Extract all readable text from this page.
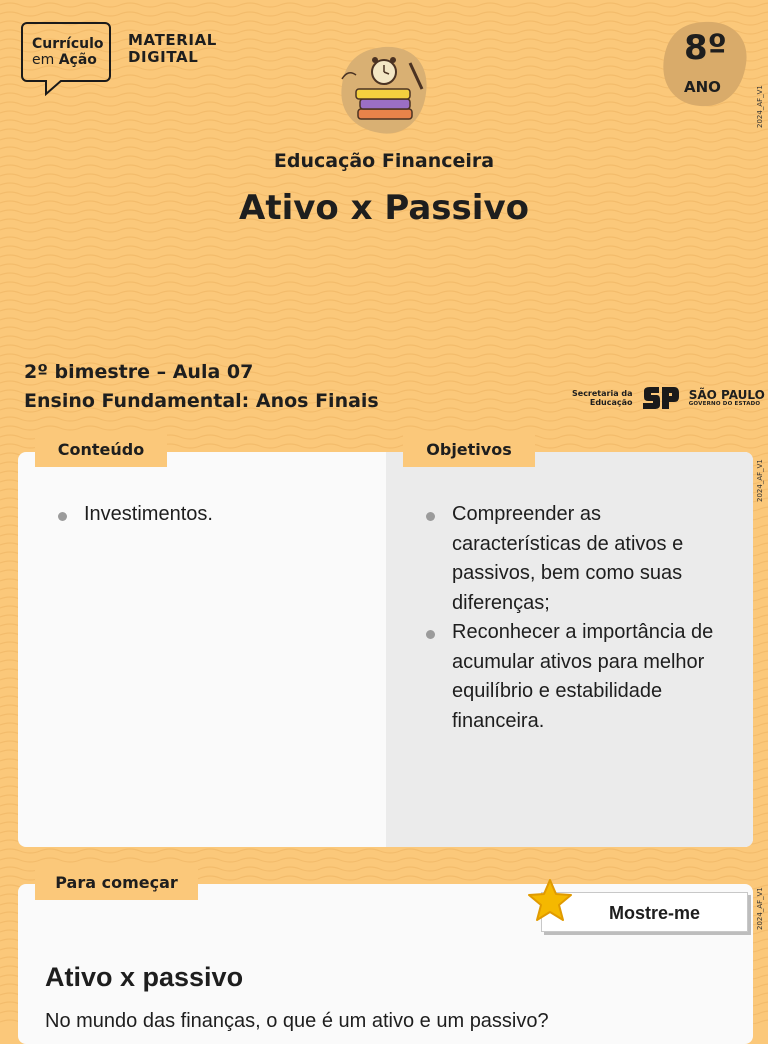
Currículo
em Ação
MATERIAL
DIGITAL	8º
ANO	2024_AF_V1
2024_AF_V1
2024_AF_V1
Educação Financeira
Ativo x Passivo
2º bimestre – Aula 07
Ensino Fundamental: Anos Finais	Secretaria da
Educação

SÃO PAULO
GOVERNO DO ESTADO
Investimentos.	Compreender as características de ativos e passivos, bem como suas diferenças;
Reconhecer a importância de acumular ativos para melhor equilíbrio e estabilidade financeira.
Conteúdo	Objetivos
Para começar
Mostre-me
Ativo x passivo
No mundo das finanças, o que é um ativo e um passivo?
